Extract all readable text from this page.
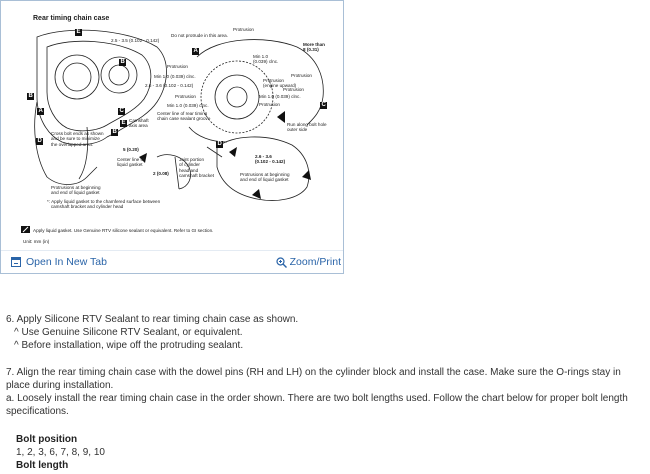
Rear timing chain case
E
B
A
B
A	C
C
D	D
E
B
Do not protrude in this area.
Protrusion
2.5 - 3.5 (0.102 - 0.142)
More than
8 (0.31)
Min 1.0
(0.039) clnc.
Protrusion
Protrusion
Min 1.0 (0.039) clnc.
2.6 - 3.6 (0.102 - 0.142)
Protrusion
(engine upward)
Protrusion
Protrusion	Min 1.0 (0.039) clnc.
Min 1.0 (0.039) clnc.	Protrusion
Center line of rear timing
chain case sealant groove
Camshaft
axis area	Run along bolt hole
outer side
Cross bolt ends as shown
and be sure to minimize
the overlapped area.
Center line of
liquid gasket
5 (0.20)
2 (0.08)
Joint portion
of cylinder
head and
camshaft bracket
2.6 - 3.6
(0.102 - 0.142)
Protrusions at beginning
and end of liquid gasket
Protrusions at beginning
and end of liquid gasket
*: Apply liquid gasket to the chamfered surface between
camshaft bracket and cylinder head
Apply liquid gasket. Use Genuine RTV silicone sealant or equivalent. Refer to GI section.
Unit: mm (in)
Open In New Tab	Zoom/Print
6. Apply Silicone RTV Sealant to rear timing chain case as shown.
^ Use Genuine Silicone RTV Sealant, or equivalent.
^ Before installation, wipe off the protruding sealant.
7. Align the rear timing chain case with the dowel pins (RH and LH) on the cylinder block and install the case. Make sure the O-rings stay in place during installation.
a. Loosely install the rear timing chain case in the order shown. There are two bolt lengths used. Follow the chart below for proper bolt length specifications.
Bolt position
1, 2, 3, 6, 7, 8, 9, 10
Bolt length
